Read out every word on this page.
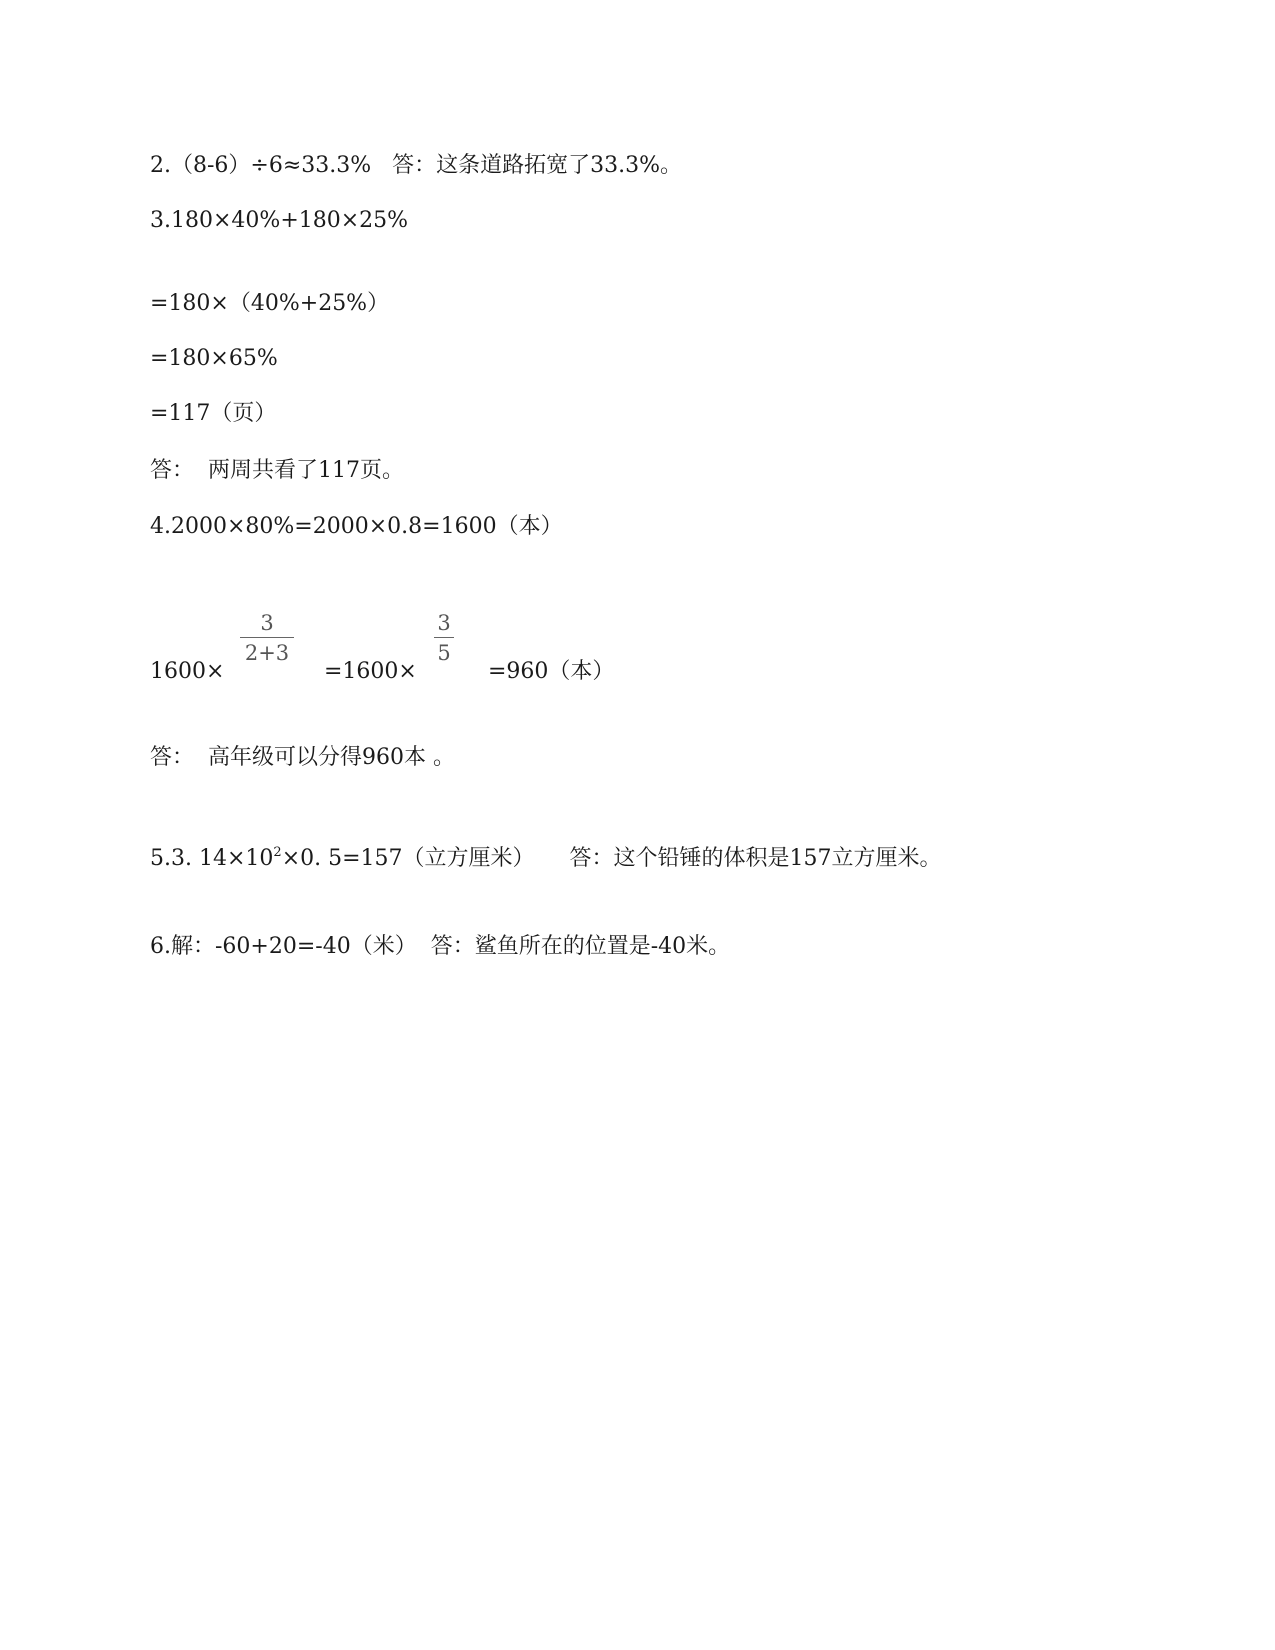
2.（8-6）÷6≈33.3%   答：这条道路拓宽了33.3%。
3.180×40%+180×25%
=180×（40%+25%）
=180×65%
=117（页）
答：  两周共看了117页。
4.2000×80%=2000×0.8=1600（本）
1600×
3
2+3
=1600×
3
5
=960（本）
答：  高年级可以分得960本 。
5.3. $14\times 10^2\times 0$. 5=157（立方厘米）     答：这个铅锤的体积是157立方厘米。
6.解：-60+20=-40（米）  答：鲨鱼所在的位置是-40米。
